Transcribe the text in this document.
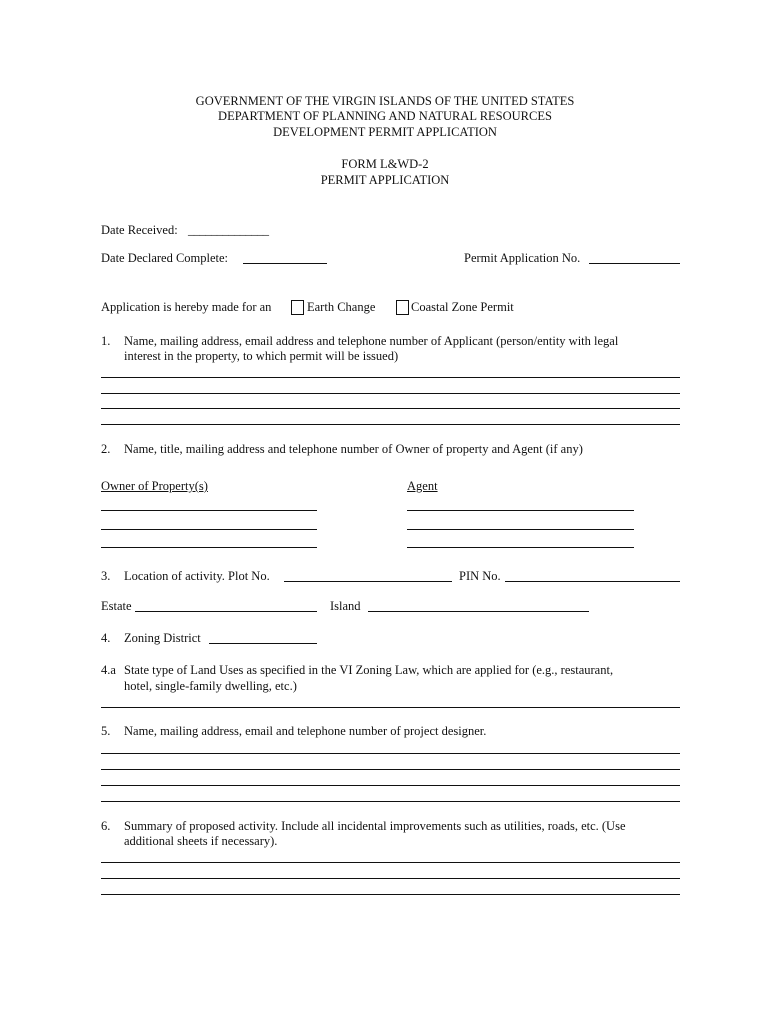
GOVERNMENT OF THE VIRGIN ISLANDS OF THE UNITED STATES
DEPARTMENT OF PLANNING AND NATURAL RESOURCES
DEVELOPMENT PERMIT APPLICATION
FORM L&WD-2
PERMIT APPLICATION
Date Received: ______________
Date Declared Complete:	Permit Application No.
Application is hereby made for an	Earth Change	Coastal Zone Permit
1. Name, mailing address, email address and telephone number of Applicant (person/entity with legal
interest in the property, to which permit will be issued)
2. Name, title, mailing address and telephone number of Owner of property and Agent (if any)
Owner of Property(s)	Agent
3. Location of activity. Plot No.	PIN No.
Estate	Island
4. Zoning District
4.a State type of Land Uses as specified in the VI Zoning Law, which are applied for (e.g., restaurant,
hotel, single-family dwelling, etc.)
5. Name, mailing address, email and telephone number of project designer.
6. Summary of proposed activity. Include all incidental improvements such as utilities, roads, etc. (Use
additional sheets if necessary).
